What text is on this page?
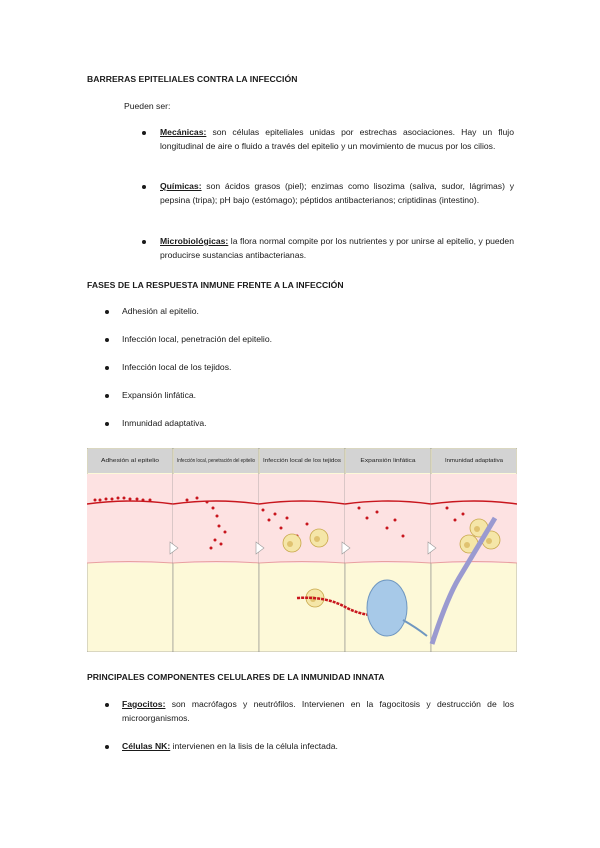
BARRERAS EPITELIALES CONTRA LA INFECCIÓN
Pueden ser:
Mecánicas: son células epiteliales unidas por estrechas asociaciones. Hay un flujo longitudinal de aire o fluido a través del epitelio y un movimiento de mucus por los cilios.
Químicas: son ácidos grasos (piel); enzimas como lisozima (saliva, sudor, lágrimas) y pepsina (tripa); pH bajo (estómago); péptidos antibacterianos; criptidinas (intestino).
Microbiológicas: la flora normal compite por los nutrientes y por unirse al epitelio, y pueden producirse sustancias antibacterianas.
FASES DE LA RESPUESTA INMUNE FRENTE A LA INFECCIÓN
Adhesión al epitelio.
Infección local, penetración del epitelio.
Infección local de los tejidos.
Expansión linfática.
Inmunidad adaptativa.
Adhesión al epitelio	Infección local, penetración del epitelio Infección local de los tejidos	Expansión linfática	Inmunidad adaptativa
PRINCIPALES COMPONENTES CELULARES DE LA INMUNIDAD INNATA
Fagocitos: son macrófagos y neutrófilos. Intervienen en la fagocitosis y destrucción de los microorganismos.
Células NK: intervienen en la lisis de la célula infectada.
